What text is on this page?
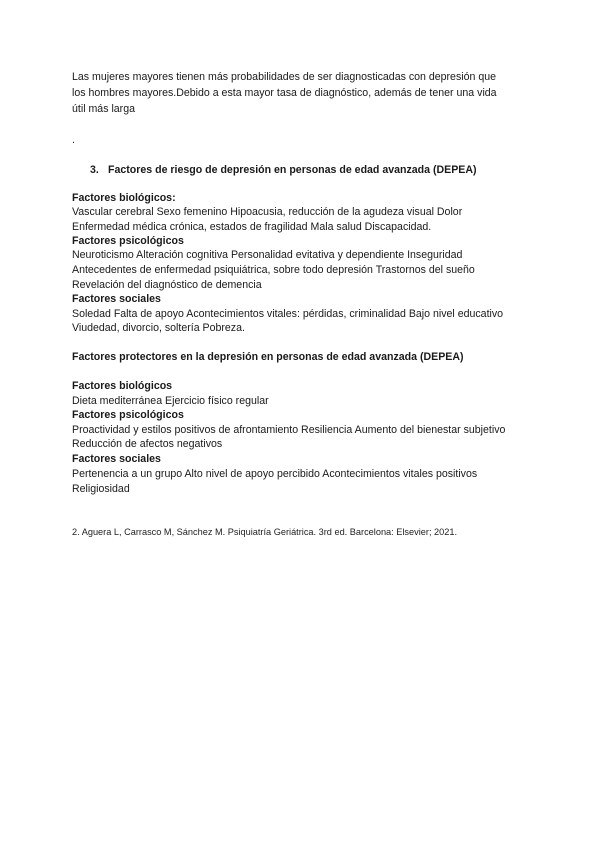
Las mujeres mayores tienen más probabilidades de ser diagnosticadas con depresión que

los hombres mayores.Debido a esta mayor tasa de diagnóstico, además de tener una vida

útil más larga

.

3. Factores de riesgo de depresión en personas de edad avanzada (DEPEA)

Factores biológicos:

Vascular cerebral Sexo femenino Hipoacusia, reducción de la agudeza visual Dolor

Enfermedad médica crónica, estados de fragilidad Mala salud Discapacidad.

Factores psicológicos

Neuroticismo Alteración cognitiva Personalidad evitativa y dependiente Inseguridad

Antecedentes de enfermedad psiquiátrica, sobre todo depresión Trastornos del sueño

Revelación del diagnóstico de demencia

Factores sociales

Soledad Falta de apoyo Acontecimientos vitales: pérdidas, criminalidad Bajo nivel educativo

Viudedad, divorcio, soltería Pobreza.

Factores protectores en la depresión en personas de edad avanzada (DEPEA)

Factores biológicos

Dieta mediterránea Ejercicio físico regular

Factores psicológicos

Proactividad y estilos positivos de afrontamiento Resiliencia Aumento del bienestar subjetivo

Reducción de afectos negativos

Factores sociales

Pertenencia a un grupo Alto nivel de apoyo percibido Acontecimientos vitales positivos

Religiosidad

2. Aguera L, Carrasco M, Sánchez M. Psiquiatría Geriátrica. 3rd ed. Barcelona: Elsevier; 2021.
